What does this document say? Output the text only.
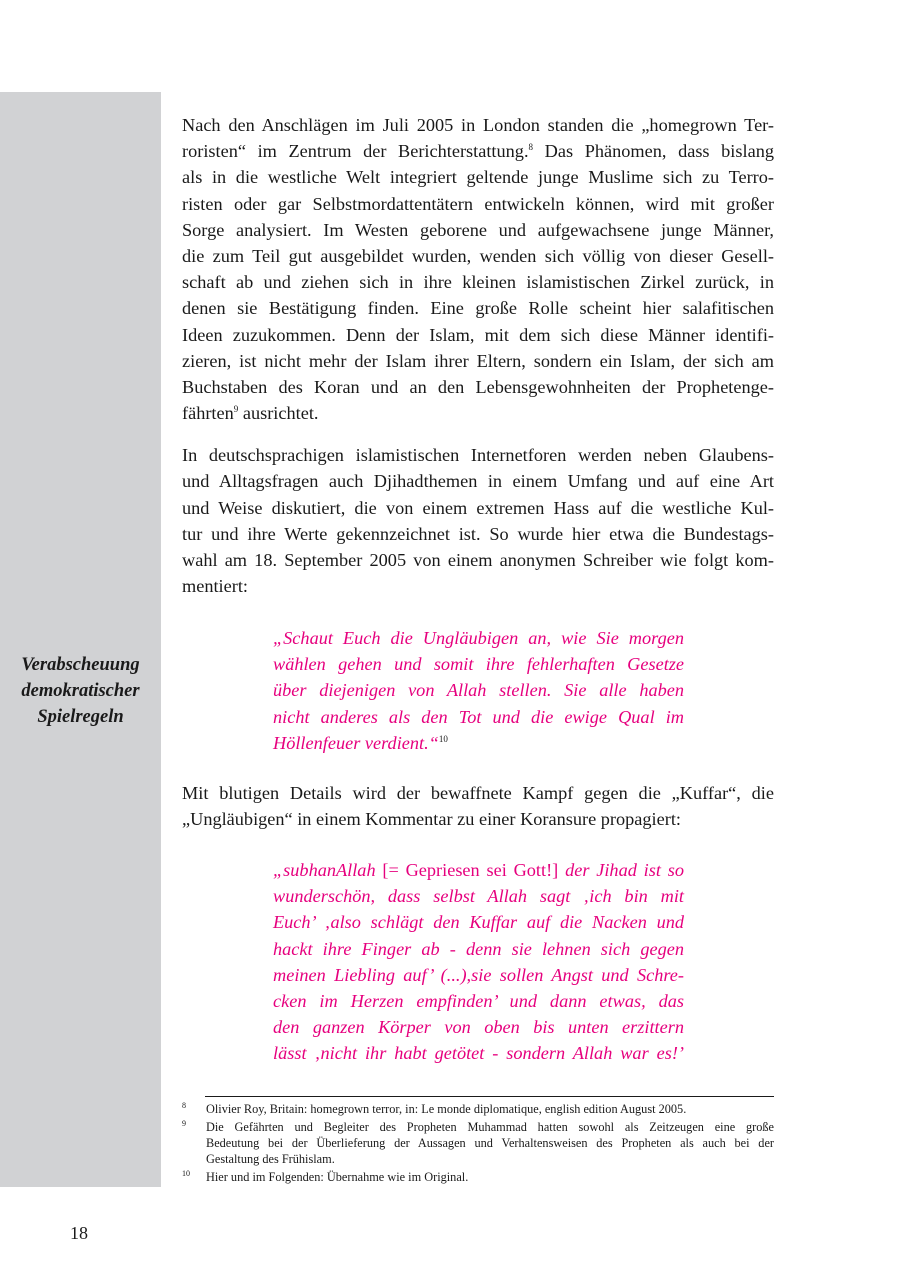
Verabscheuung
demokratischer
Spielregeln

Nach den Anschlägen im Juli 2005 in London standen die „homegrown Ter-
roristen“ im Zentrum der Berichterstattung.$^8$ Das Phänomen, dass bislang
als in die westliche Welt integriert geltende junge Muslime sich zu Terro-
risten oder gar Selbstmordattentätern entwickeln können, wird mit großer
Sorge analysiert. Im Westen geborene und aufgewachsene junge Männer,
die zum Teil gut ausgebildet wurden, wenden sich völlig von dieser Gesell-
schaft ab und ziehen sich in ihre kleinen islamistischen Zirkel zurück, in
denen sie Bestätigung finden. Eine große Rolle scheint hier salafitischen
Ideen zuzukommen. Denn der Islam, mit dem sich diese Männer identifi-
zieren, ist nicht mehr der Islam ihrer Eltern, sondern ein Islam, der sich am
Buchstaben des Koran und an den Lebensgewohnheiten der Prophetenge-
fährten$^9$ ausrichtet.

In deutschsprachigen islamistischen Internetforen werden neben Glaubens-
und Alltagsfragen auch Djihadthemen in einem Umfang und auf eine Art
und Weise diskutiert, die von einem extremen Hass auf die westliche Kul-
tur und ihre Werte gekennzeichnet ist. So wurde hier etwa die Bundestags-
wahl am 18. September 2005 von einem anonymen Schreiber wie folgt kom-
mentiert:

„Schaut Euch die Ungläubigen an, wie Sie morgen
wählen gehen und somit ihre fehlerhaften Gesetze
über diejenigen von Allah stellen. Sie alle haben
nicht anderes als den Tot und die ewige Qual im
Höllenfeuer verdient.“$^{10}$

Mit blutigen Details wird der bewaffnete Kampf gegen die „Kuffar“, die
„Ungläubigen“ in einem Kommentar zu einer Koransure propagiert:

„subhanAllah [= Gepriesen sei Gott!] der Jihad ist so
wunderschön, dass selbst Allah sagt ‚ich bin mit
Euch’ ‚also schlägt den Kuffar auf die Nacken und
hackt ihre Finger ab - denn sie lehnen sich gegen
meinen Liebling auf’ (...),sie sollen Angst und Schre-
cken im Herzen empfinden’ und dann etwas, das
den ganzen Körper von oben bis unten erzittern
lässt ‚nicht ihr habt getötet - sondern Allah war es!’
8 Olivier Roy, Britain: homegrown terror, in: Le monde diplomatique, english edition August 2005.
9 Die Gefährten und Begleiter des Propheten Muhammad hatten sowohl als Zeitzeugen eine große
Bedeutung bei der Überlieferung der Aussagen und Verhaltensweisen des Propheten als auch bei der
Gestaltung des Frühislam.
10 Hier und im Folgenden: Übernahme wie im Original.
18
